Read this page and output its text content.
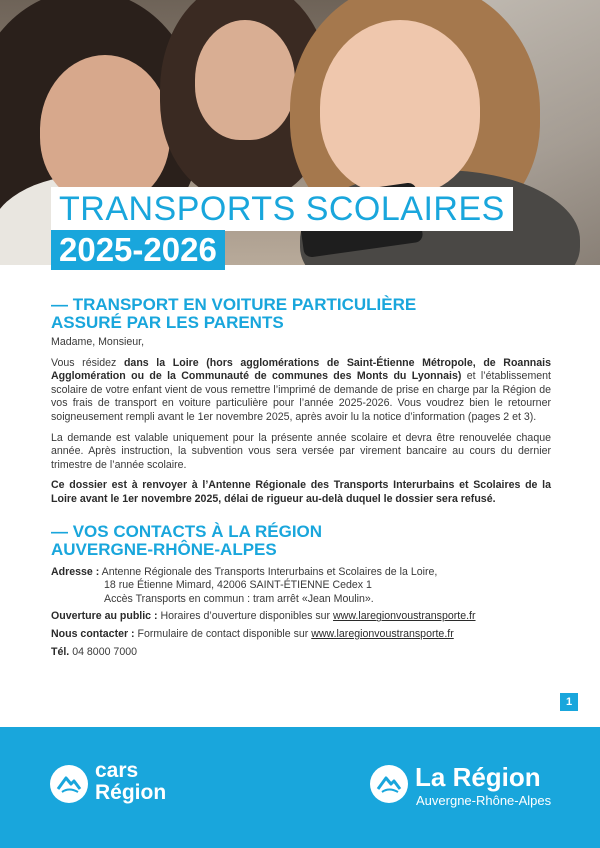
TRANSPORTS SCOLAIRES
2025-2026
— TRANSPORT EN VOITURE PARTICULIÈRE
ASSURÉ PAR LES PARENTS

Madame, Monsieur,

Vous résidez dans la Loire (hors agglomérations de Saint-Étienne Métropole, de Roannais Agglomération ou de la Communauté de communes des Monts du Lyonnais) et l’établissement scolaire de votre enfant vient de vous remettre l’imprimé de demande de prise en charge par la Région de vos frais de transport en voiture particulière pour l’année 2025-2026. Vous voudrez bien le retourner soigneusement rempli avant le 1er novembre 2025, après avoir lu la notice d’information (pages 2 et 3).

La demande est valable uniquement pour la présente année scolaire et devra être renouvelée chaque année. Après instruction, la subvention vous sera versée par virement bancaire au cours du dernier trimestre de l’année scolaire.

Ce dossier est à renvoyer à l’Antenne Régionale des Transports Interurbains et Scolaires de la Loire avant le 1er novembre 2025, délai de rigueur au-delà duquel le dossier sera refusé.

— VOS CONTACTS À LA RÉGION
AUVERGNE-RHÔNE-ALPES
Adresse : Antenne Régionale des Transports Interurbains et Scolaires de la Loire,
18 rue Étienne Mimard, 42006 SAINT-ÉTIENNE Cedex 1
Accès Transports en commun : tram arrêt «Jean Moulin».
Ouverture au public : Horaires d’ouverture disponibles sur www.laregionvoustransporte.fr
Nous contacter : Formulaire de contact disponible sur www.laregionvoustransporte.fr
Tél. 04 8000 7000
1
cars
Région
La Région
Auvergne-Rhône-Alpes
